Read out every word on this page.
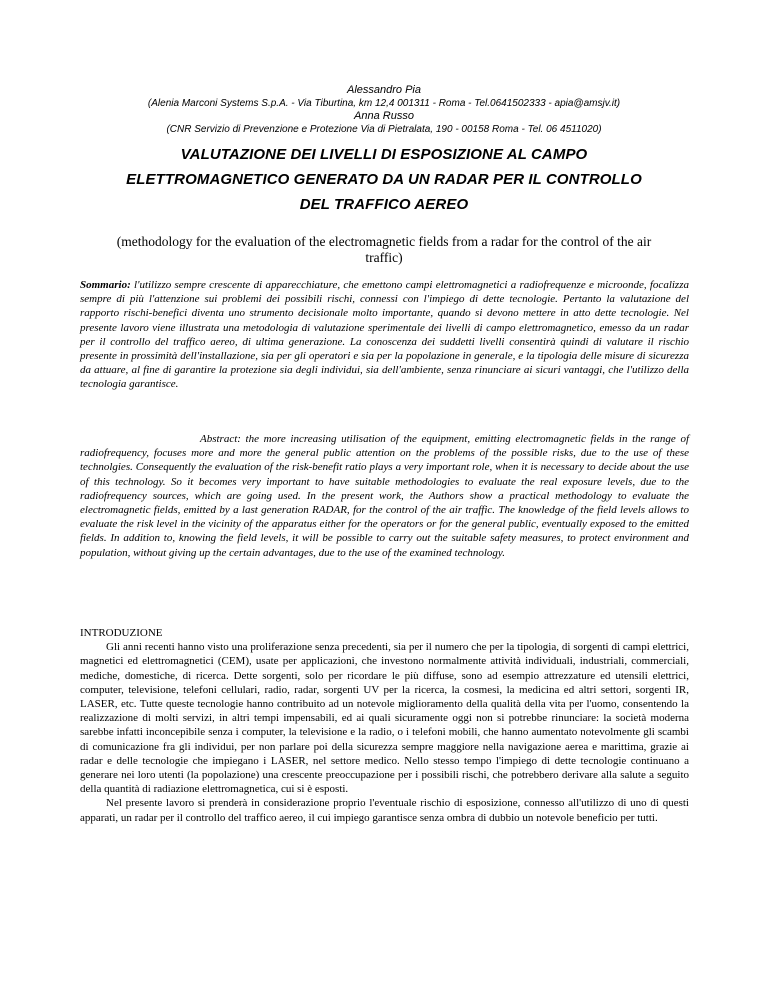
Alessandro Pia
(Alenia Marconi Systems S.p.A. - Via Tiburtina, km 12,4 001311 - Roma - Tel.0641502333 - apia@amsjv.it)
Anna Russo
(CNR Servizio di Prevenzione e Protezione Via di Pietralata, 190 - 00158 Roma - Tel. 06 4511020)
VALUTAZIONE DEI LIVELLI DI ESPOSIZIONE AL CAMPO ELETTROMAGNETICO GENERATO DA UN RADAR PER IL CONTROLLO DEL TRAFFICO AEREO
(methodology for the evaluation of the electromagnetic fields from a radar for the control of the air traffic)
Sommario: l'utilizzo sempre crescente di apparecchiature, che emettono campi elettromagnetici a radiofrequenze e microonde, focalizza sempre di più l'attenzione sui problemi dei possibili rischi, connessi con l'impiego di dette tecnologie. Pertanto la valutazione del rapporto rischi-benefici diventa uno strumento decisionale molto importante, quando si devono mettere in atto dette tecnologie. Nel presente lavoro viene illustrata una metodologia di valutazione sperimentale dei livelli di campo elettromagnetico, emesso da un radar per il controllo del traffico aereo, di ultima generazione. La conoscenza dei suddetti livelli consentirà quindi di valutare il rischio presente in prossimità dell'installazione, sia per gli operatori e sia per la popolazione in generale, e la tipologia delle misure di sicurezza da attuare, al fine di garantire la protezione sia degli individui, sia dell'ambiente, senza rinunciare ai sicuri vantaggi, che l'utilizzo della tecnologia garantisce.
Abstract: the more increasing utilisation of the equipment, emitting electromagnetic fields in the range of radiofrequency, focuses more and more the general public attention on the problems of the possible risks, due to the use of these technolgies. Consequently the evaluation of the risk-benefit ratio plays a very important role, when it is necessary to decide about the use of this technology. So it becomes very important to have suitable methodologies to evaluate the real exposure levels, due to the radiofrequency sources, which are going used. In the present work, the Authors show a practical methodology to evaluate the electromagnetic fields, emitted by a last generation RADAR, for the control of the air traffic. The knowledge of the field levels allows to evaluate the risk level in the vicinity of the apparatus either for the operators or for the general public, eventually exposed to the emitted fields. In addition to, knowing the field levels, it will be possible to carry out the suitable safety measures, to protect environment and population, without giving up the certain advantages, due to the use of the examined technology.

INTRODUZIONE

Gli anni recenti hanno visto una proliferazione senza precedenti, sia per il numero che per la tipologia, di sorgenti di campi elettrici, magnetici ed elettromagnetici (CEM), usate per applicazioni, che investono normalmente attività individuali, industriali, commerciali, mediche, domestiche, di ricerca. Dette sorgenti, solo per ricordare le più diffuse, sono ad esempio attrezzature ed utensili elettrici, computer, televisione, telefoni cellulari, radio, radar, sorgenti UV per la ricerca, la cosmesi, la medicina ed altri settori, sorgenti IR, LASER, etc. Tutte queste tecnologie hanno contribuito ad un notevole miglioramento della qualità della vita per l'uomo, consentendo la realizzazione di molti servizi, in altri tempi impensabili, ed ai quali sicuramente oggi non si potrebbe rinunciare: la società moderna sarebbe infatti inconcepibile senza i computer, la televisione e la radio, o i telefoni mobili, che hanno aumentato notevolmente gli scambi di comunicazione fra gli individui, per non parlare poi della sicurezza sempre maggiore nella navigazione aerea e marittima, grazie ai radar e delle tecnologie che impiegano i LASER, nel settore medico. Nello stesso tempo l'impiego di dette tecnologie continuano a generare nei loro utenti (la popolazione) una crescente preoccupazione per i possibili rischi, che potrebbero derivare alla salute a seguito della quantità di radiazione elettromagnetica, cui si è esposti.

Nel presente lavoro si prenderà in considerazione proprio l'eventuale rischio di esposizione, connesso all'utilizzo di uno di questi apparati, un radar per il controllo del traffico aereo, il cui impiego garantisce senza ombra di dubbio un notevole beneficio per tutti.
